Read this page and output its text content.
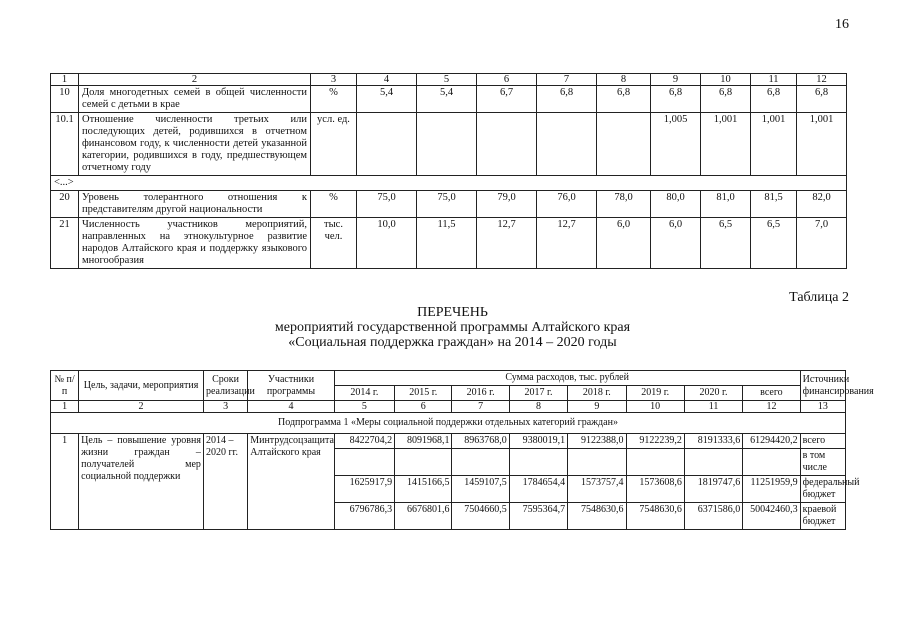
16
1	2	3	4	5	6	7	8	9	10	11	12
10	Доля многодетных семей в общей численности семей с детьми в крае	%	5,4	5,4	6,7	6,8	6,8	6,8	6,8	6,8	6,8
10.1	Отношение численности третьих или последующих детей, родившихся в отчетном финансовом году, к численности детей указанной категории, родившихся в году, предшествующем отчетному году	усл. ед.						1,005	1,001	1,001	1,001
<...>											
20	Уровень толерантного отношения к представителям другой национальности	%	75,0	75,0	79,0	76,0	78,0	80,0	81,0	81,5	82,0
21	Численность участников мероприятий, направленных на этнокультурное развитие народов Алтайского края и поддержку языкового многообразия	тыс. чел.	10,0	11,5	12,7	12,7	6,0	6,0	6,5	6,5	7,0
Таблица 2
ПЕРЕЧЕНЬ
мероприятий государственной программы Алтайского края
«Социальная поддержка граждан» на 2014 – 2020 годы
№ п/п	Цель, задачи, мероприятия	Сроки реализации	Участники программы	Сумма расходов, тыс. рублей								Источники финансирования
				2014 г.	2015 г.	2016 г.	2017 г.	2018 г.	2019 г.	2020 г.	всего	
1	2	3	4	5	6	7	8	9	10	11	12	13
Подпрограмма 1 «Меры социальной поддержки отдельных категорий граждан»												
1	Цель – повышение уровня жизни граждан – получателей мер социальной поддержки	2014 – 2020 гг.	Минтрудсоцзащита Алтайского края	8422704,2	8091968,1	8963768,0	9380019,1	9122388,0	9122239,2	8191333,6	61294420,2	всего
												в том числе
				1625917,9	1415166,5	1459107,5	1784654,4	1573757,4	1573608,6	1819747,6	11251959,9	федеральный бюджет
				6796786,3	6676801,6	7504660,5	7595364,7	7548630,6	7548630,6	6371586,0	50042460,3	краевой бюджет
